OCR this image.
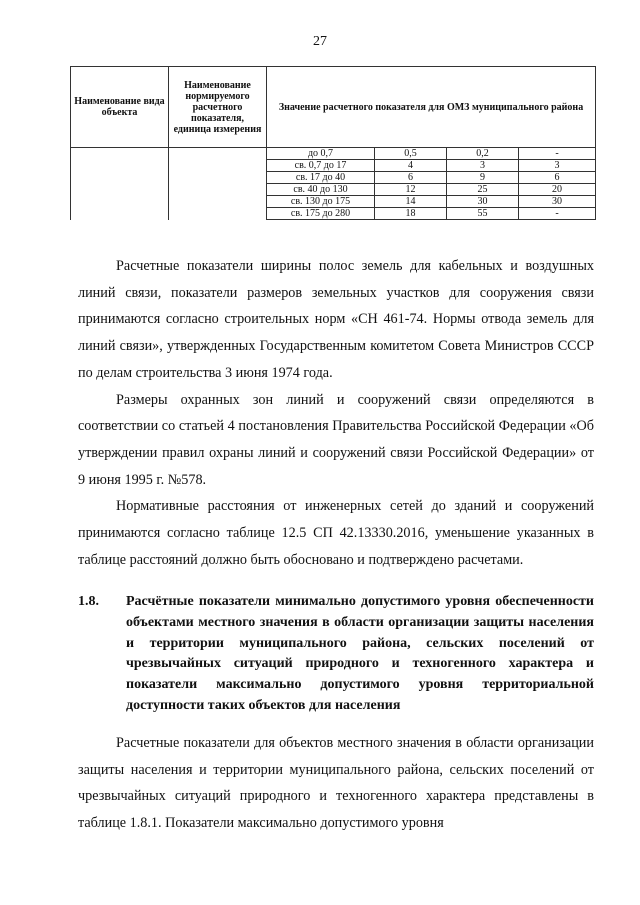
27
Наименование вида объекта	Наименование нормируемого расчетного показателя, единица измерения	Значение расчетного показателя для ОМЗ муниципального района			
		до 0,7	0,5	0,2	-
		св. 0,7 до 17	4	3	3
		св. 17 до 40	6	9	6
		св. 40 до 130	12	25	20
		св. 130 до 175	14	30	30
		св. 175 до 280	18	55	-

Расчетные показатели ширины полос земель для кабельных и воздушных линий связи, показатели размеров земельных участков для сооружения связи принимаются согласно строительных норм «СН 461-74. Нормы отвода земель для линий связи», утвержденных Государственным комитетом Совета Министров СССР по делам строительства 3 июня 1974 года.

Размеры охранных зон линий и сооружений связи определяются в соответствии со статьей 4 постановления Правительства Российской Федерации «Об утверждении правил охраны линий и сооружений связи Российской Федерации» от 9 июня 1995 г. №578.

Нормативные расстояния от инженерных сетей до зданий и сооружений принимаются согласно таблице 12.5 СП 42.13330.2016, уменьшение указанных в таблице расстояний должно быть обосновано и подтверждено расчетами.

1.8. Расчётные показатели минимально допустимого уровня обеспеченности объектами местного значения в области организации защиты населения и территории муниципального района, сельских поселений от чрезвычайных ситуаций природного и техногенного характера и показатели максимально допустимого уровня территориальной доступности таких объектов для населения

Расчетные показатели для объектов местного значения в области организации защиты населения и территории муниципального района, сельских поселений от чрезвычайных ситуаций природного и техногенного характера представлены в таблице 1.8.1. Показатели максимально допустимого уровня
